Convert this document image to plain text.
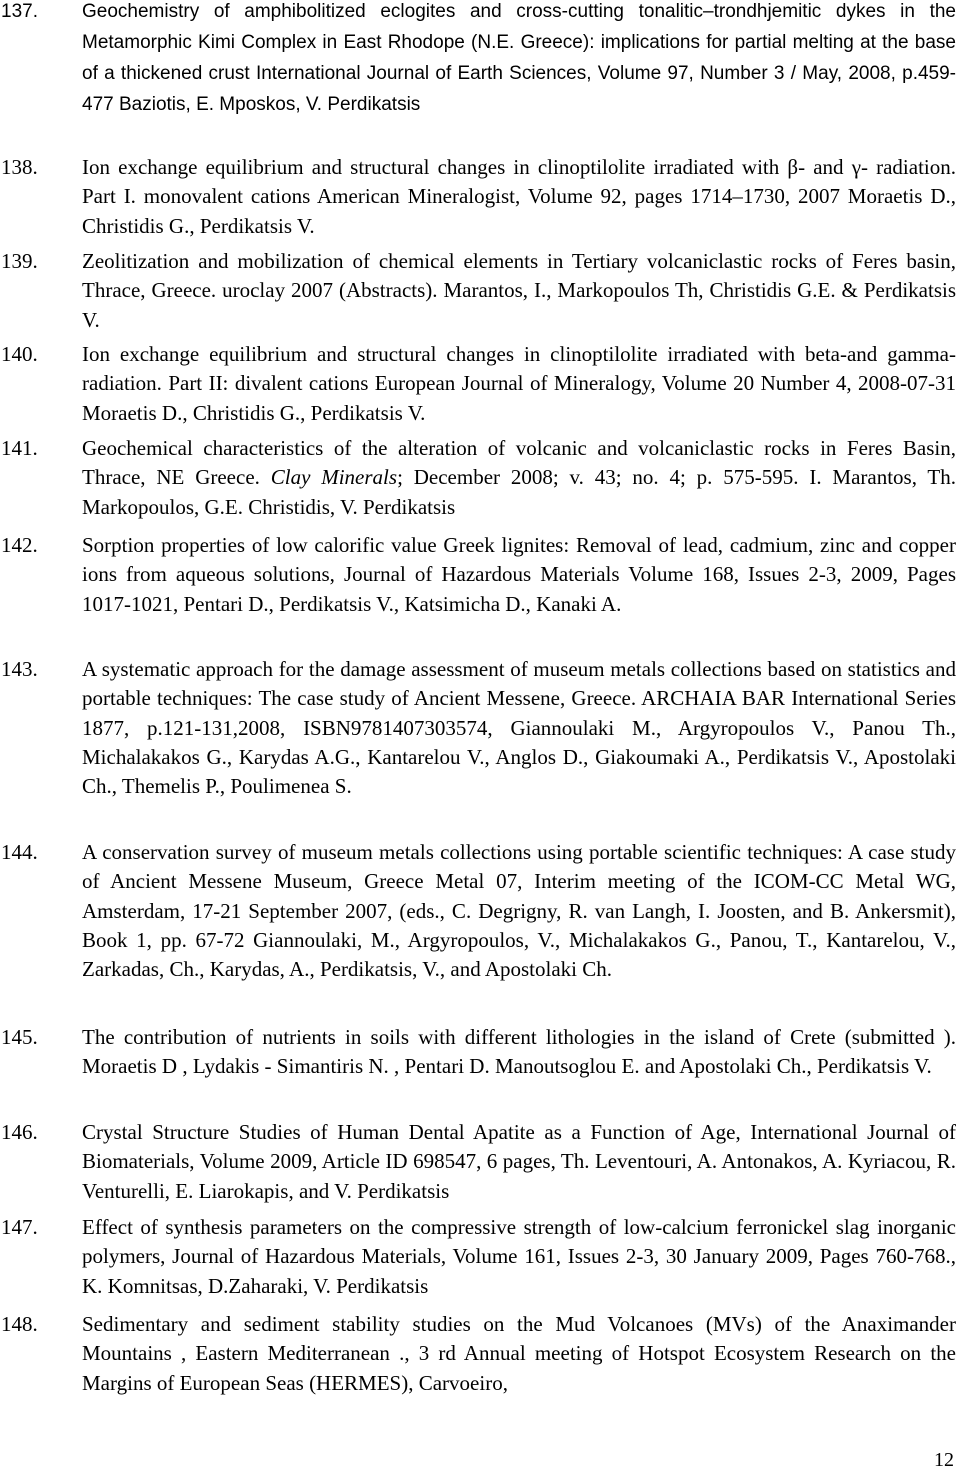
137. Geochemistry of amphibolitized eclogites and cross-cutting tonalitic–trondhjemitic dykes in the Metamorphic Kimi Complex in East Rhodope (N.E. Greece): implications for partial melting at the base of a thickened crust International Journal of Earth Sciences, Volume 97, Number 3 / May, 2008, p.459-477 Baziotis, E. Mposkos, V. Perdikatsis
138. Ion exchange equilibrium and structural changes in clinoptilolite irradiated with β- and γ- radiation. Part I. monovalent cations American Mineralogist, Volume 92, pages 1714–1730, 2007 Moraetis D., Christidis G., Perdikatsis V.
139. Zeolitization and mobilization of chemical elements in Tertiary volcaniclastic rocks of Feres basin, Thrace, Greece. uroclay 2007 (Abstracts). Marantos, I., Markopoulos Th, Christidis G.E. & Perdikatsis V.
140. Ion exchange equilibrium and structural changes in clinoptilolite irradiated with beta-and gamma-radiation. Part II: divalent cations European Journal of Mineralogy, Volume 20 Number 4, 2008-07-31 Moraetis D., Christidis G., Perdikatsis V.
141. Geochemical characteristics of the alteration of volcanic and volcaniclastic rocks in Feres Basin, Thrace, NE Greece. Clay Minerals; December 2008; v. 43; no. 4; p. 575-595. I. Marantos, Th. Markopoulos, G.E. Christidis, V. Perdikatsis
142. Sorption properties of low calorific value Greek lignites: Removal of lead, cadmium, zinc and copper ions from aqueous solutions, Journal of Hazardous Materials Volume 168, Issues 2-3, 2009, Pages 1017-1021, Pentari D., Perdikatsis V., Katsimicha D., Kanaki A.
143. A systematic approach for the damage assessment of museum metals collections based on statistics and portable techniques: The case study of Ancient Messene, Greece. ARCHAIA BAR International Series 1877, p.121-131,2008, ISBN9781407303574, Giannoulaki M., Argyropoulos V., Panou Th., Michalakakos G., Karydas A.G., Kantarelou V., Anglos D., Giakoumaki A., Perdikatsis V., Apostolaki Ch., Themelis P., Poulimenea S.
144. A conservation survey of museum metals collections using portable scientific techniques: A case study of Ancient Messene Museum, Greece Metal 07, Interim meeting of the ICOM-CC Metal WG, Amsterdam, 17-21 September 2007, (eds., C. Degrigny, R. van Langh, I. Joosten, and B. Ankersmit), Book 1, pp. 67-72 Giannoulaki, M., Argyropoulos, V., Michalakakos G., Panou, T., Kantarelou, V., Zarkadas, Ch., Karydas, A., Perdikatsis, V., and Apostolaki Ch.
145. The contribution of nutrients in soils with different lithologies in the island of Crete (submitted ). Moraetis D , Lydakis - Simantiris N. , Pentari D. Manoutsoglou E. and Apostolaki Ch., Perdikatsis V.
146. Crystal Structure Studies of Human Dental Apatite as a Function of Age, International Journal of Biomaterials, Volume 2009, Article ID 698547, 6 pages, Th. Leventouri, A. Antonakos, A. Kyriacou, R. Venturelli, E. Liarokapis, and V. Perdikatsis
147. Effect of synthesis parameters on the compressive strength of low-calcium ferronickel slag inorganic polymers, Journal of Hazardous Materials, Volume 161, Issues 2-3, 30 January 2009, Pages 760-768., K. Komnitsas, D.Zaharaki, V. Perdikatsis
148. Sedimentary and sediment stability studies on the Mud Volcanoes (MVs) of the Anaximander Mountains , Eastern Mediterranean ., 3 rd Annual meeting of Hotspot Ecosystem Research on the Margins of European Seas (HERMES), Carvoeiro,
12
